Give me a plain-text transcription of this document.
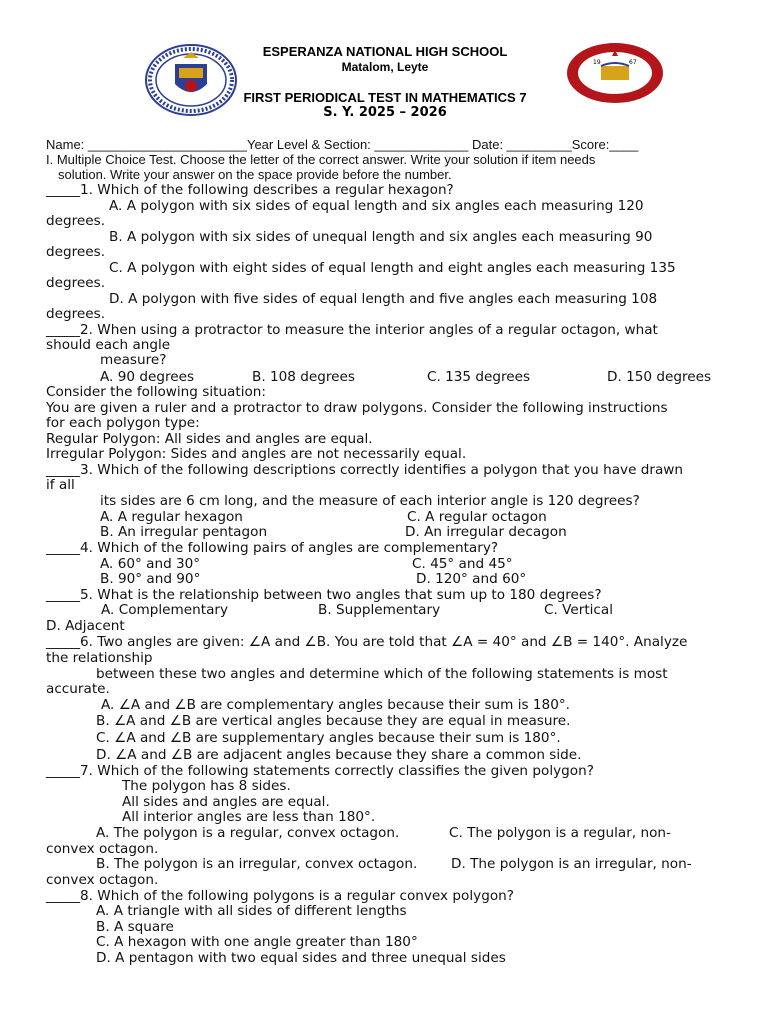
19	67
ESPERANZA NATIONAL HIGH SCHOOL
Matalom, Leyte
FIRST PERIODICAL TEST IN MATHEMATICS 7
S. Y. 2025 – 2026
Name: ______________________Year Level & Section: _____________ Date: _________Score:____
I. Multiple Choice Test. Choose the letter of the correct answer. Write your solution if item needs
solution. Write your answer on the space provide before the number.
_____1. Which of the following describes a regular hexagon?
A. A polygon with six sides of equal length and six angles each measuring 120
degrees.
B. A polygon with six sides of unequal length and six angles each measuring 90
degrees.
C. A polygon with eight sides of equal length and eight angles each measuring 135
degrees.
D. A polygon with five sides of equal length and five angles each measuring 108
degrees.
_____2. When using a protractor to measure the interior angles of a regular octagon, what
should each angle
measure?
A. 90 degrees	B. 108 degrees	C. 135 degrees	D. 150 degrees
Consider the following situation:
You are given a ruler and a protractor to draw polygons. Consider the following instructions
for each polygon type:
Regular Polygon: All sides and angles are equal.
Irregular Polygon: Sides and angles are not necessarily equal.
_____3. Which of the following descriptions correctly identifies a polygon that you have drawn
if all
its sides are 6 cm long, and the measure of each interior angle is 120 degrees?
A. A regular hexagon	C. A regular octagon
B. An irregular pentagon	D. An irregular decagon
_____4. Which of the following pairs of angles are complementary?
A. 60° and 30°	C. 45° and 45°
B. 90° and 90°	D. 120° and 60°
_____5. What is the relationship between two angles that sum up to 180 degrees?
A. Complementary	B. Supplementary	C. Vertical
D. Adjacent
_____6. Two angles are given: ∠A and ∠B. You are told that ∠A = 40° and ∠B = 140°. Analyze
the relationship
between these two angles and determine which of the following statements is most
accurate.
A. ∠A and ∠B are complementary angles because their sum is 180°.
B. ∠A and ∠B are vertical angles because they are equal in measure.
C. ∠A and ∠B are supplementary angles because their sum is 180°.
D. ∠A and ∠B are adjacent angles because they share a common side.
_____7. Which of the following statements correctly classifies the given polygon?
The polygon has 8 sides.
All sides and angles are equal.
All interior angles are less than 180°.
A. The polygon is a regular, convex octagon.	C. The polygon is a regular, non-
convex octagon.
B. The polygon is an irregular, convex octagon. D. The polygon is an irregular, non-
convex octagon.
_____8. Which of the following polygons is a regular convex polygon?
A. A triangle with all sides of different lengths
B. A square
C. A hexagon with one angle greater than 180°
D. A pentagon with two equal sides and three unequal sides
